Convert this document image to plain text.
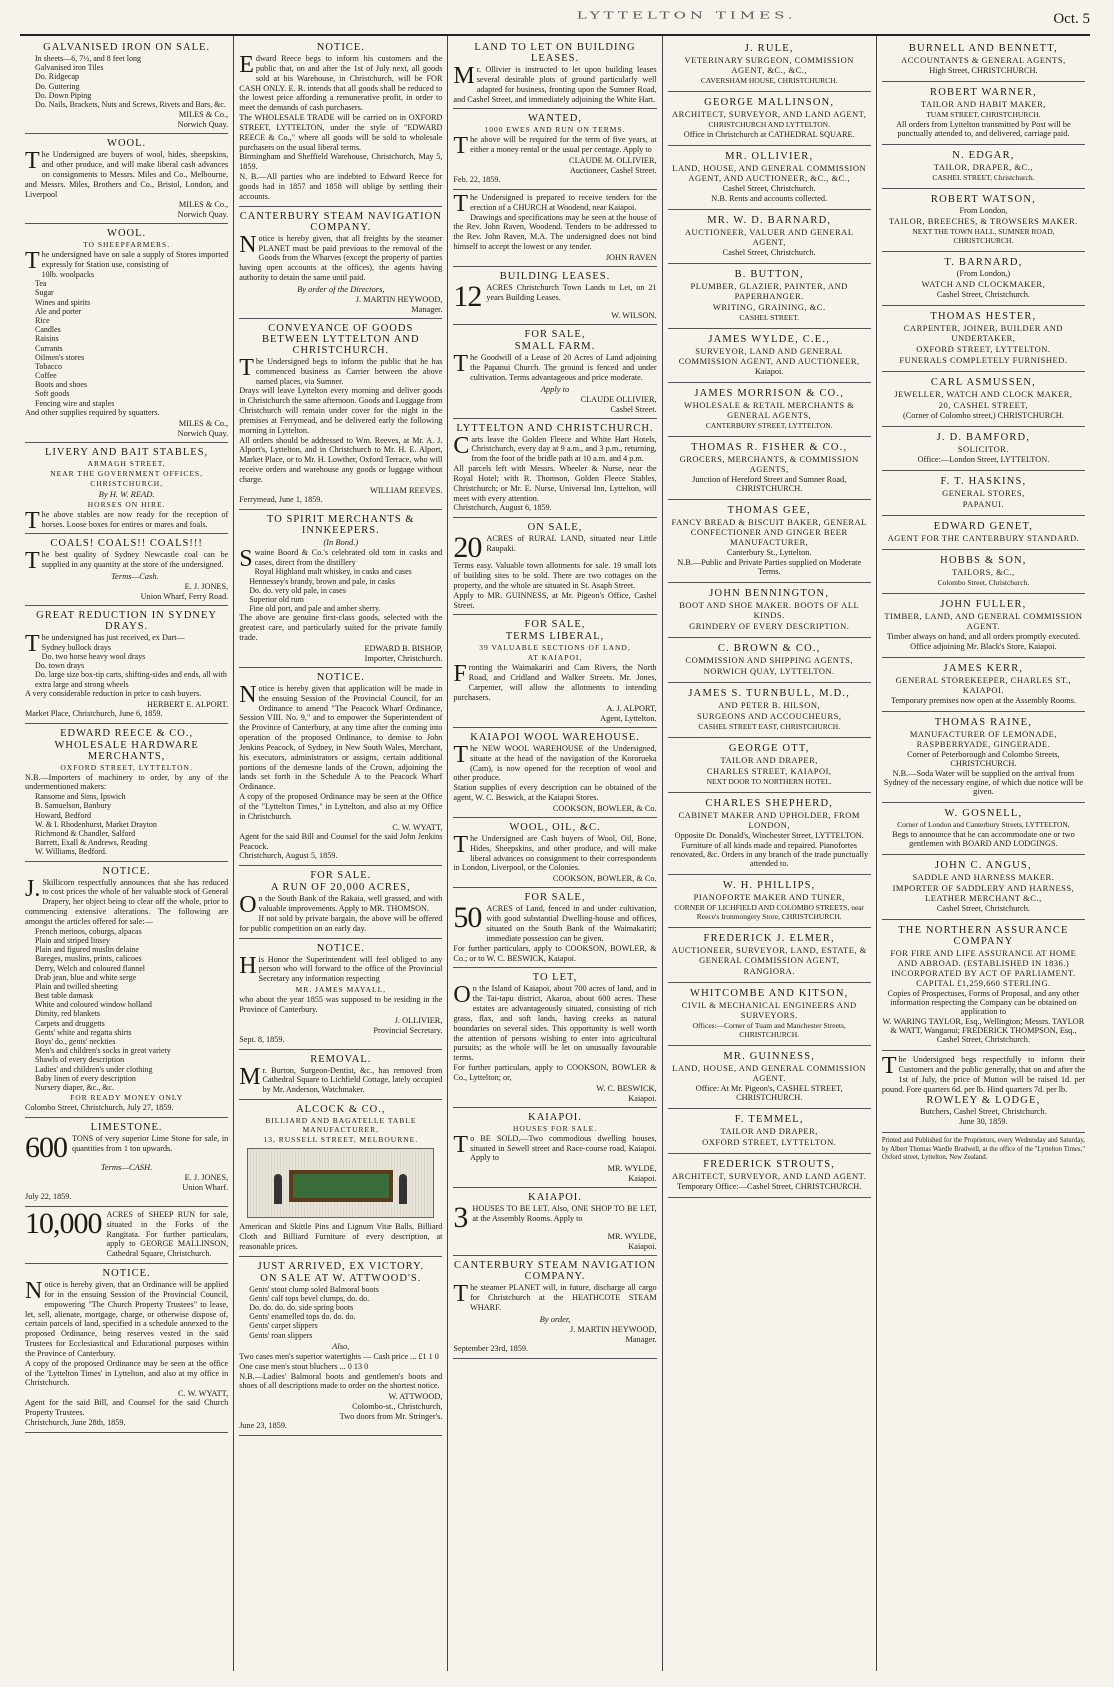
LYTTELTON TIMES.	Oct. 5
GALVANISED IRON ON SALE.
In sheets—6, 7½, and 8 feet long
Galvanised iron Tiles
Do. Ridgecap
Do. Guttering
Do. Down Piping
Do. Nails, Brackets, Nuts and Screws, Rivets and Bars, &c.
MILES & Co.,
Norwich Quay.
WOOL.

The Undersigned are buyers of wool, hides, sheepskins, and other produce, and will make liberal cash advances on consignments to Messrs. Miles and Co., Melbourne, and Messrs. Miles, Brothers and Co., Bristol, London, and Liverpool

MILES & Co.,
Norwich Quay.
WOOL.
TO SHEEPFARMERS.

The undersigned have on sale a supply of Stores imported expressly for Station use, consisting of

10lb. woolpacks
Tea
Sugar
Wines and spirits
Ale and porter
Rice
Candles
Raisins
Currants
Oilmen's stores
Tobacco
Coffee
Boots and shoes
Soft goods
Fencing wire and staples

And other supplies required by squatters.

MILES & Co.,
Norwich Quay.
LIVERY AND BAIT STABLES,
ARMAGH STREET,
NEAR THE GOVERNMENT OFFICES,
CHRISTCHURCH,
By H. W. READ.
HORSES ON HIRE.

The above stables are now ready for the reception of horses. Loose boxes for entires or mares and foals.

COALS! COALS!! COALS!!!

The best quality of Sydney Newcastle coal can be supplied in any quantity at the store of the undersigned.

Terms—Cash.
E. J. JONES,
Union Wharf, Ferry Road.
GREAT REDUCTION IN SYDNEY DRAYS.

The undersigned has just received, ex Dart—

Sydney bullock drays
Do. two horse heavy wool drays
Do. town drays
Do. large size box-tip carts, shifting-sides and ends, all with extra large and strong wheels

A very considerable reduction in price to cash buyers.

HERBERT E. ALPORT.

Market Place, Christchurch, June 6, 1859.

EDWARD REECE & CO.,
WHOLESALE HARDWARE MERCHANTS,
OXFORD STREET, LYTTELTON.

N.B.—Importers of machinery to order, by any of the undermentioned makers:

Ransome and Sims, Ipswich
B. Samuelson, Banbury
Howard, Bedford
W. & I. Rhodenhurst, Market Drayton
Richmond & Chandler, Salford
Barrett, Exall & Andrews, Reading
W. Williams, Bedford.
NOTICE.

J.Skillicorn respectfully announces that she has reduced to cost prices the whole of her valuable stock of General Drapery, her object being to clear off the whole, prior to commencing extensive alterations. The following are amongst the articles offered for sale:—

French merinos, coburgs, alpacas
Plain and striped linsey
Plain and figured muslin delaine
Bareges, muslins, prints, calicoes
Derry, Welch and coloured flannel
Drab jean, blue and white serge
Plain and twilled sheeting
Best table damask
White and coloured window holland
Dimity, red blankets
Carpets and druggetts
Gents' white and regatta shirts
Boys' do., gents' neckties
Men's and children's socks in great variety
Shawls of every description
Ladies' and children's under clothing
Baby linen of every description
Nursery diaper, &c., &c.
FOR READY MONEY ONLY

Colombo Street, Christchurch, July 27, 1859.

LIMESTONE.
600 TONS of very superior Lime Stone for sale, in quantities from 1 ton upwards.

Terms—CASH.
E. J. JONES,
Union Wharf.

July 22, 1859.

10,000 ACRES of SHEEP RUN for sale, situated in the Forks of the Rangitata. For further particulars, apply to GEORGE MALLINSON, Cathedral Square, Christchurch.

NOTICE.

Notice is hereby given, that an Ordinance will be applied for in the ensuing Session of the Provincial Council, empowering "The Church Property Trustees" to lease, let, sell, alienate, mortgage, charge, or otherwise dispose of, certain parcels of land, specified in a schedule annexed to the proposed Ordinance, being reserves vested in the said Trustees for Ecclesiastical and Educational purposes within the Province of Canterbury.

A copy of the proposed Ordinance may be seen at the office of the 'Lyttelton Times' in Lyttelton, and also at my office in Christchurch.

C. W. WYATT,

Agent for the said Bill, and Counsel for the said Church Property Trustees.

Christchurch, June 28th, 1859.

NOTICE.

Edward Reece begs to inform his customers and the public that, on and after the 1st of July next, all goods sold at his Warehouse, in Christchurch, will be FOR CASH ONLY. E. R. intends that all goods shall be reduced to the lowest price affording a remunerative profit, in order to meet the demands of cash purchasers.

The WHOLESALE TRADE will be carried on in OXFORD STREET, LYTTELTON, under the style of "EDWARD REECE & Co.," where all goods will be sold to wholesale purchasers on the usual liberal terms.

Birmingham and Sheffield Warehouse, Christchurch, May 5, 1859.

N. B.—All parties who are indebted to Edward Reece for goods had in 1857 and 1858 will oblige by settling their accounts.

CANTERBURY STEAM NAVIGATION COMPANY.

Notice is hereby given, that all freights by the steamer PLANET must be paid previous to the removal of the Goods from the Wharves (except the property of parties having open accounts at the offices), the agents having authority to detain the same until paid.

By order of the Directors,
J. MARTIN HEYWOOD,
Manager.
CONVEYANCE OF GOODS BETWEEN LYTTELTON AND CHRISTCHURCH.

The Undersigned begs to inform the public that he has commenced business as Carrier between the above named places, via Sumner.

Drays will leave Lyttelton every morning and deliver goods in Christchurch the same afternoon. Goods and Luggage from Christchurch will remain under cover for the night in the premises at Ferrymead, and be delivered early the following morning in Lyttelton.

All orders should be addressed to Wm. Reeves, at Mr. A. J. Alport's, Lyttelton, and in Christchurch to Mr. H. E. Alport, Market Place, or to Mr. H. Lowther, Oxford Terrace, who will receive orders and warehouse any goods or luggage without charge.

WILLIAM REEVES.

Ferrymead, June 1, 1859.

TO SPIRIT MERCHANTS & INNKEEPERS.
(In Bond.)

Swaine Boord & Co.'s celebrated old tom in casks and cases, direct from the distillery

Royal Highland malt whiskey, in casks and cases
Hennessey's brandy, brown and pale, in casks
Do. do. very old pale, in cases
Superior old rum
Fine old port, and pale and amber sherry.

The above are genuine first-class goods, selected with the greatest care, and particularly suited for the private family trade.

EDWARD B. BISHOP,
Importer, Christchurch.
NOTICE.

Notice is hereby given that application will be made in the ensuing Session of the Provincial Council, for an Ordinance to amend "The Peacock Wharf Ordinance, Session VIII. No. 9," and to empower the Superintendent of the Province of Canterbury, at any time after the coming into operation of the proposed Ordinance, to demise to John Jenkins Peacock, of Sydney, in New South Wales, Merchant, his executors, administrators or assigns, certain additional portions of the demesne lands of the Crown, adjoining the lands set forth in the Schedule A to the Peacock Wharf Ordinance.

A copy of the proposed Ordinance may be seen at the Office of the "Lyttelton Times," in Lyttelton, and also at my Office in Christchurch.

C. W. WYATT,

Agent for the said Bill and Counsel for the said John Jenkins Peacock.

Christchurch, August 5, 1859.

FOR SALE.
A RUN OF 20,000 ACRES,

On the South Bank of the Rakaia, well grassed, and with valuable improvements. Apply to MR. THOMSON.

If not sold by private bargain, the above will be offered for public competition on an early day.

NOTICE.

His Honor the Superintendent will feel obliged to any person who will forward to the office of the Provincial Secretary any information respecting

MR. JAMES MAYALL,

who about the year 1855 was supposed to be residing in the Province of Canterbury.

J. OLLIVIER,
Provincial Secretary.

Sept. 8, 1859.

REMOVAL.

Mr. Burton, Surgeon-Dentist, &c., has removed from Cathedral Square to Lichfield Cottage, lately occupied by Mr. Anderson, Watchmaker.

ALCOCK & CO.,
BILLIARD AND BAGATELLE TABLE MANUFACTURER,
13, RUSSELL STREET, MELBOURNE.

American and Skittle Pins and Lignum Vitæ Balls, Billiard Cloth and Billiard Furniture of every description, at reasonable prices.

JUST ARRIVED, EX VICTORY.
ON SALE AT W. ATTWOOD'S.
Gents' stout clump soled Balmoral boots
Gents' calf tops bevel clumps, do. do.
Do. do. do. do. side spring boots
Gents' enamelled tops do. do. do.
Gents' carpet slippers
Gents' roan slippers
Also,

Two cases men's superior watertights — Cash price ... £1 1 0

One case men's stout bluchers ... 0 13 0

N.B.—Ladies' Balmoral boots and gentlemen's boots and shoes of all descriptions made to order on the shortest notice.

W. ATTWOOD,
Colombo-st., Christchurch,
Two doors from Mr. Stringer's.

June 23, 1859.

LAND TO LET ON BUILDING LEASES.

Mr. Ollivier is instructed to let upon building leases several desirable plots of ground particularly well adapted for business, fronting upon the Sumner Road, and Cashel Street, and immediately adjoining the White Hart.

WANTED,
1000 EWES AND RUN ON TERMS.

The above will be required for the term of five years, at either a money rental or the usual per centage. Apply to

CLAUDE M. OLLIVIER,
Auctioneer, Cashel Street.

Feb. 22, 1859.

The Undersigned is prepared to receive tenders for the erection of a CHURCH at Woodend, near Kaiapoi.

Drawings and specifications may be seen at the house of the Rev. John Raven, Woodend. Tenders to be addressed to the Rev. John Raven, M.A. The undersigned does not bind himself to accept the lowest or any tender.

JOHN RAVEN
BUILDING LEASES.
12 ACRES Christchurch Town Lands to Let, on 21 years Building Leases.

W. WILSON.
FOR SALE,
SMALL FARM.

The Goodwill of a Lease of 20 Acres of Land adjoining the Papanui Church. The ground is fenced and under cultivation. Terms advantageous and price moderate.

Apply to
CLAUDE OLLIVIER,
Cashel Street.
LYTTELTON AND CHRISTCHURCH.

Carts leave the Golden Fleece and White Hart Hotels, Christchurch, every day at 9 a.m., and 3 p.m., returning, from the foot of the bridle path at 10 a.m. and 4 p.m.

All parcels left with Messrs. Wheeler & Nurse, near the Royal Hotel; with R. Thomson, Golden Fleece Stables, Christchurch; or Mr. E. Nurse, Universal Inn, Lyttelton, will meet with every attention.

Christchurch, August 6, 1859.

ON SALE,
20 ACRES of RURAL LAND, situated near Little Raupaki.

Terms easy. Valuable town allotments for sale. 19 small lots of building sites to be sold. There are two cottages on the property, and the whole are situated in St. Asaph Street.

Apply to MR. GUINNESS, at Mr. Pigeon's Office, Cashel Street.

FOR SALE,
TERMS LIBERAL,
39 VALUABLE SECTIONS OF LAND,
AT KAIAPOI,

Fronting the Waimakariri and Cam Rivers, the North Road, and Cridland and Walker Streets. Mr. Jones, Carpenter, will allow the allotments to intending purchasers.

A. J. ALPORT,
Agent, Lyttelton.
KAIAPOI WOOL WAREHOUSE.

The NEW WOOL WAREHOUSE of the Undersigned, situate at the head of the navigation of the Kororueka (Cam), is now opened for the reception of wool and other produce.

Station supplies of every description can be obtained of the agent, W. C. Beswick, at the Kaiapoi Stores.

COOKSON, BOWLER, & Co.
WOOL, OIL, &C.

The Undersigned are Cash buyers of Wool, Oil, Bone, Hides, Sheepskins, and other produce, and will make liberal advances on consignment to their correspondents in London, Liverpool, or the Colonies.

COOKSON, BOWLER, & Co.
FOR SALE,
50 ACRES of Land, fenced in and under cultivation, with good substantial Dwelling-house and offices, situated on the South Bank of the Waimakariri; immediate possession can be given.

For further particulars, apply to COOKSON, BOWLER, & Co.; or to W. C. BESWICK, Kaiapoi.

TO LET,

On the Island of Kaiapoi, about 700 acres of land, and in the Tai-tapu district, Akaroa, about 600 acres. These estates are advantageously situated, consisting of rich grass, flax, and soft lands, having creeks as natural boundaries on several sides. This opportunity is well worth the attention of persons wishing to enter into agricultural pursuits; as the whole will be let on unusually favourable terms.

For further particulars, apply to COOKSON, BOWLER & Co., Lyttelton; or,

W. C. BESWICK,
Kaiapoi.
KAIAPOI.
HOUSES FOR SALE.

To BE SOLD,—Two commodious dwelling houses, situated in Sewell street and Race-course road, Kaiapoi. Apply to

MR. WYLDE,
Kaiapoi.
KAIAPOI.
3 HOUSES TO BE LET. Also, ONE SHOP TO BE LET, at the Assembly Rooms. Apply to

MR. WYLDE,
Kaiapoi.
CANTERBURY STEAM NAVIGATION COMPANY.

The steamer PLANET will, in future, discharge all cargo for Christchurch at the HEATHCOTE STEAM WHARF.

By order,
J. MARTIN HEYWOOD,
Manager.

September 23rd, 1859.

J. RULE,
VETERINARY SURGEON, COMMISSION AGENT, &C., &C.,
CAVERSHAM HOUSE, CHRISTCHURCH.
GEORGE MALLINSON,
ARCHITECT, SURVEYOR, AND LAND AGENT,
CHRISTCHURCH AND LYTTELTON.
Office in Christchurch at CATHEDRAL SQUARE.
MR. OLLIVIER,
LAND, HOUSE, AND GENERAL COMMISSION AGENT, AND AUCTIONEER, &C., &C.,
Cashel Street, Christchurch.
N.B. Rents and accounts collected.
MR. W. D. BARNARD,
AUCTIONEER, VALUER AND GENERAL AGENT,
Cashel Street, Christchurch.
B. BUTTON,
PLUMBER, GLAZIER, PAINTER, AND PAPERHANGER.
WRITING, GRAINING, &C.
CASHEL STREET.
JAMES WYLDE, C.E.,
SURVEYOR, LAND AND GENERAL COMMISSION AGENT, AND AUCTIONEER,
Kaiapoi.
JAMES MORRISON & CO.,
WHOLESALE & RETAIL MERCHANTS & GENERAL AGENTS,
CANTERBURY STREET, LYTTELTON.
THOMAS R. FISHER & CO.,
GROCERS, MERCHANTS, & COMMISSION AGENTS,
Junction of Hereford Street and Sumner Road, CHRISTCHURCH.
THOMAS GEE,
FANCY BREAD & BISCUIT BAKER, GENERAL CONFECTIONER AND GINGER BEER MANUFACTURER,
Canterbury St., Lyttelton.
N.B.—Public and Private Parties supplied on Moderate Terms.
JOHN BENNINGTON,
BOOT AND SHOE MAKER. BOOTS OF ALL KINDS.
GRINDERY OF EVERY DESCRIPTION.
C. BROWN & CO.,
COMMISSION AND SHIPPING AGENTS,
NORWICH QUAY, LYTTELTON.
JAMES S. TURNBULL, M.D.,
AND PETER B. HILSON,
SURGEONS AND ACCOUCHEURS,
CASHEL STREET EAST, CHRISTCHURCH.
GEORGE OTT,
TAILOR AND DRAPER,
CHARLES STREET, KAIAPOI,
NEXT DOOR TO NORTHERN HOTEL.
CHARLES SHEPHERD,
CABINET MAKER AND UPHOLDER, FROM LONDON,
Opposite Dr. Donald's, Winchester Street, LYTTELTON.
Furniture of all kinds made and repaired. Pianofortes renovated, &c. Orders in any branch of the trade punctually attended to.
W. H. PHILLIPS,
PIANOFORTE MAKER AND TUNER,
CORNER OF LICHFIELD AND COLOMBO STREETS, near Reece's Ironmongery Store, CHRISTCHURCH.
FREDERICK J. ELMER,
AUCTIONEER, SURVEYOR, LAND, ESTATE, & GENERAL COMMISSION AGENT,
RANGIORA.
WHITCOMBE AND KITSON,
CIVIL & MECHANICAL ENGINEERS AND SURVEYORS.
Offices:—Corner of Tuam and Manchester Streets, CHRISTCHURCH.
MR. GUINNESS,
LAND, HOUSE, AND GENERAL COMMISSION AGENT.
Office: At Mr. Pigeon's, CASHEL STREET, CHRISTCHURCH.
F. TEMMEL,
TAILOR AND DRAPER,
OXFORD STREET, LYTTELTON.
FREDERICK STROUTS,
ARCHITECT, SURVEYOR, AND LAND AGENT.
Temporary Office:—Cashel Street, CHRISTCHURCH.
BURNELL AND BENNETT,
ACCOUNTANTS & GENERAL AGENTS,
High Street, CHRISTCHURCH.
ROBERT WARNER,
TAILOR AND HABIT MAKER,
TUAM STREET, CHRISTCHURCH.
All orders from Lyttelton transmitted by Post will be punctually attended to, and delivered, carriage paid.
N. EDGAR,
TAILOR, DRAPER, &C.,
CASHEL STREET, Christchurch.
ROBERT WATSON,
From London,
TAILOR, BREECHES, & TROWSERS MAKER.
NEXT THE TOWN HALL, SUMNER ROAD, CHRISTCHURCH.
T. BARNARD,
(From London,)
WATCH AND CLOCKMAKER,
Cashel Street, Christchurch.
THOMAS HESTER,
CARPENTER, JOINER, BUILDER AND UNDERTAKER,
OXFORD STREET, LYTTELTON.
FUNERALS COMPLETELY FURNISHED.
CARL ASMUSSEN,
JEWELLER, WATCH AND CLOCK MAKER,
20, CASHEL STREET,
(Corner of Colombo street,) CHRISTCHURCH.
J. D. BAMFORD,
SOLICITOR.
Office:—London Street, LYTTELTON.
F. T. HASKINS,
GENERAL STORES,
PAPANUI.
EDWARD GENET,
AGENT FOR THE CANTERBURY STANDARD.
HOBBS & SON,
TAILORS, &C.,
Colombo Street, Christchurch.
JOHN FULLER,
TIMBER, LAND, AND GENERAL COMMISSION AGENT.
Timber always on hand, and all orders promptly executed.
Office adjoining Mr. Black's Store, Kaiapoi.
JAMES KERR,
GENERAL STOREKEEPER, CHARLES ST., KAIAPOI.
Temporary premises now open at the Assembly Rooms.
THOMAS RAINE,
MANUFACTURER OF LEMONADE, RASPBERRYADE, GINGERADE.
Corner of Peterborough and Colombo Streets, CHRISTCHURCH.
N.B.—Soda Water will be supplied on the arrival from Sydney of the necessary engine, of which due notice will be given.
W. GOSNELL,
Corner of London and Canterbury Streets, LYTTELTON,
Begs to announce that he can accommodate one or two gentlemen with BOARD AND LODGINGS.
JOHN C. ANGUS,
SADDLE AND HARNESS MAKER.
IMPORTER OF SADDLERY AND HARNESS, LEATHER MERCHANT &C.,
Cashel Street, Christchurch.
THE NORTHERN ASSURANCE COMPANY
FOR FIRE AND LIFE ASSURANCE AT HOME AND ABROAD. (ESTABLISHED IN 1836.) INCORPORATED BY ACT OF PARLIAMENT. CAPITAL £1,259,660 STERLING.
Copies of Prospectuses, Forms of Proposal, and any other information respecting the Company can be obtained on application to
W. WARING TAYLOR, Esq., Wellington; Messrs. TAYLOR & WATT, Wanganui; FREDERICK THOMPSON, Esq., Cashel Street, Christchurch.

The Undersigned begs respectfully to inform their Customers and the public generally, that on and after the 1st of July, the price of Mutton will be raised 1d. per pound. Fore quarters 6d. per lb. Hind quarters 7d. per lb.

ROWLEY & LODGE,
Butchers, Cashel Street, Christchurch.
June 30, 1859.

Printed and Published for the Proprietors, every Wednesday and Saturday, by Albert Thomas Wardle Bradwell, at the office of the "Lyttelton Times," Oxford street, Lyttelton, New Zealand.
